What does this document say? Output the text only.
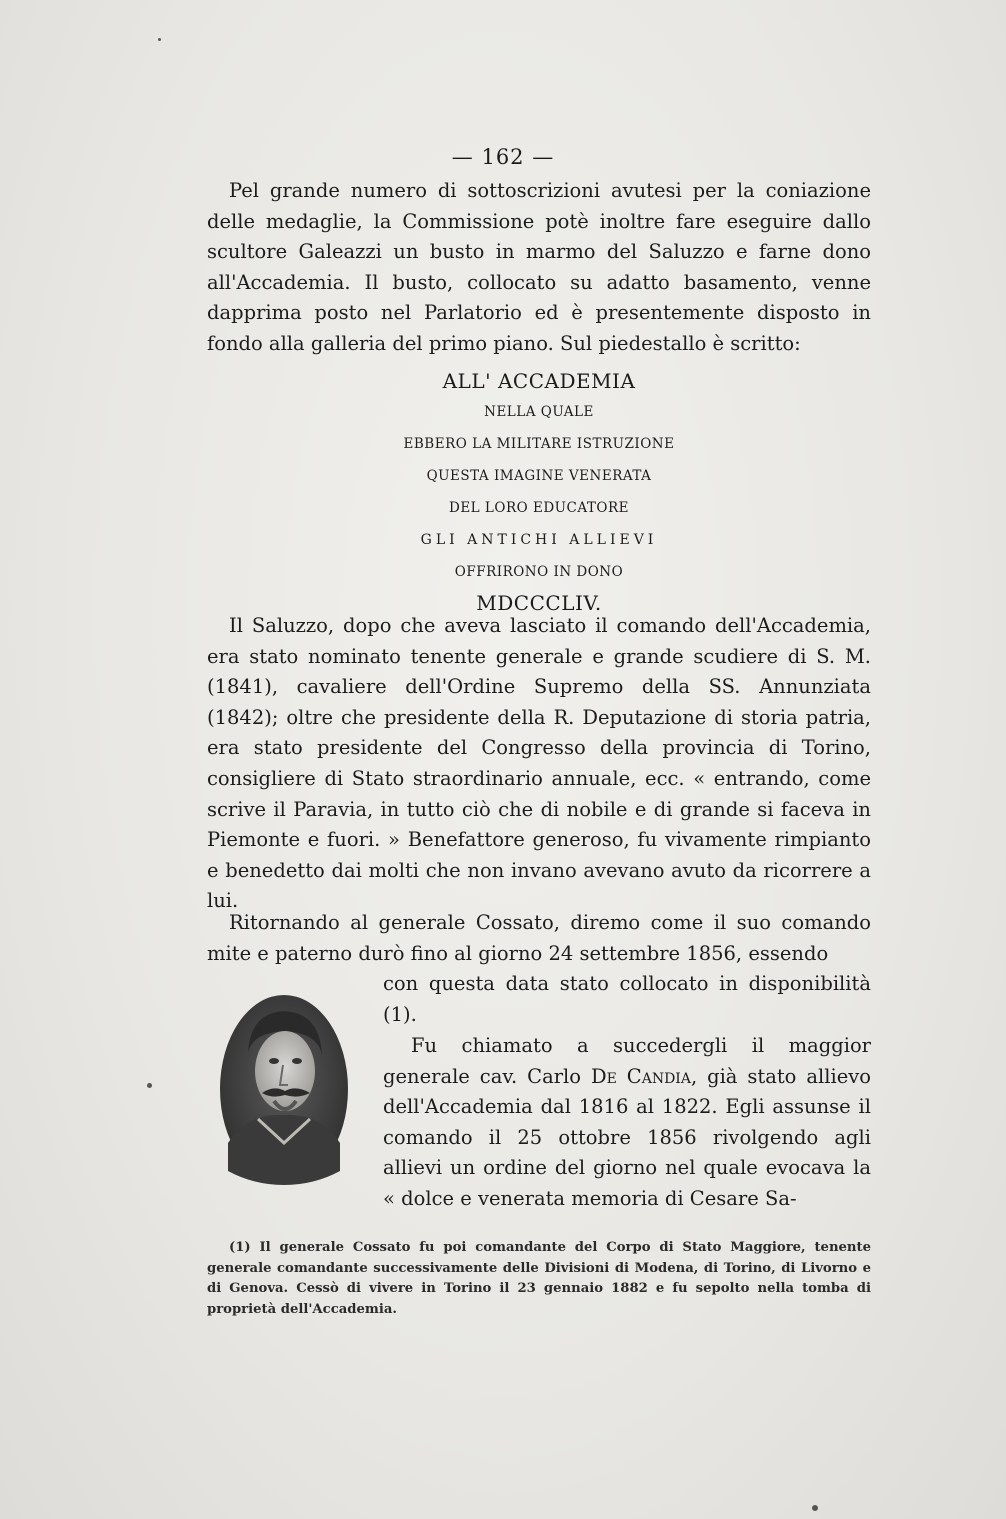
— 162 —

Pel grande numero di sottoscrizioni avutesi per la coniazione delle medaglie, la Commissione potè inoltre fare eseguire dallo scultore Galeazzi un busto in marmo del Saluzzo e farne dono all'Accademia. Il busto, collocato su adatto basamento, venne dapprima posto nel Parlatorio ed è presentemente disposto in fondo alla galleria del primo piano. Sul piedestallo è scritto:

ALL' ACCADEMIA
NELLA QUALE
EBBERO LA MILITARE ISTRUZIONE
QUESTA IMAGINE VENERATA
DEL LORO EDUCATORE
GLI ANTICHI ALLIEVI
OFFRIRONO IN DONO
MDCCCLIV.

Il Saluzzo, dopo che aveva lasciato il comando dell'Accademia, era stato nominato tenente generale e grande scudiere di S. M. (1841), cavaliere dell'Ordine Supremo della SS. Annunziata (1842); oltre che presidente della R. Deputazione di storia patria, era stato presidente del Congresso della provincia di Torino, consigliere di Stato straordinario annuale, ecc. « entrando, come scrive il Paravia, in tutto ciò che di nobile e di grande si faceva in Piemonte e fuori. » Benefattore generoso, fu vivamente rimpianto e benedetto dai molti che non invano avevano avuto da ricorrere a lui.

Ritornando al generale Cossato, diremo come il suo comando mite e paterno durò fino al giorno 24 settembre 1856, essendo

con questa data stato collocato in disponibilità (1).

Fu chiamato a succedergli il maggior generale cav. Carlo De Candia, già stato allievo dell'Accademia dal 1816 al 1822. Egli assunse il comando il 25 ottobre 1856 rivolgendo agli allievi un ordine del giorno nel quale evocava la « dolce e venerata memoria di Cesare Sa-

(1) Il generale Cossato fu poi comandante del Corpo di Stato Maggiore, tenente generale comandante successivamente delle Divisioni di Modena, di Torino, di Livorno e di Genova. Cessò di vivere in Torino il 23 gennaio 1882 e fu sepolto nella tomba di proprietà dell'Accademia.
